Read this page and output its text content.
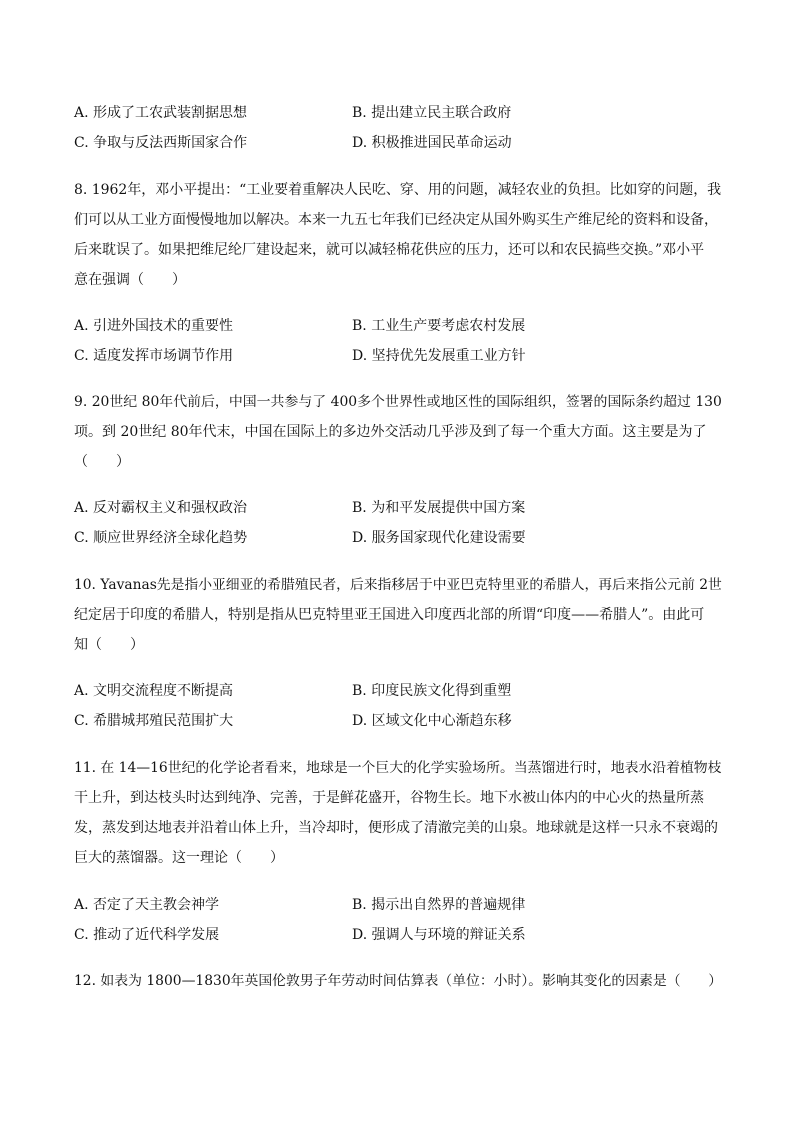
A. 形成了工农武装割据思想	B. 提出建立民主联合政府
C. 争取与反法西斯国家合作	D. 积极推进国民革命运动
8. 1962年，邓小平提出：“工业要着重解决人民吃、穿、用的问题，减轻农业的负担。比如穿的问题，我
们可以从工业方面慢慢地加以解决。本来一九五七年我们已经决定从国外购买生产维尼纶的资料和设备，
后来耽误了。如果把维尼纶厂建设起来，就可以减轻棉花供应的压力，还可以和农民搞些交换。”邓小平
意在强调（　　）
A. 引进外国技术的重要性	B. 工业生产要考虑农村发展
C. 适度发挥市场调节作用	D. 坚持优先发展重工业方针
9. 20世纪 80年代前后，中国一共参与了 400多个世界性或地区性的国际组织，签署的国际条约超过 130
项。到 20世纪 80年代末，中国在国际上的多边外交活动几乎涉及到了每一个重大方面。这主要是为了
（　　）
A. 反对霸权主义和强权政治	B. 为和平发展提供中国方案
C. 顺应世界经济全球化趋势	D. 服务国家现代化建设需要
10. Yavanas先是指小亚细亚的希腊殖民者，后来指移居于中亚巴克特里亚的希腊人，再后来指公元前 2世
纪定居于印度的希腊人，特别是指从巴克特里亚王国进入印度西北部的所谓“印度——希腊人”。由此可
知（　　）
A. 文明交流程度不断提高	B. 印度民族文化得到重塑
C. 希腊城邦殖民范围扩大	D. 区域文化中心渐趋东移
11. 在 14—16世纪的化学论者看来，地球是一个巨大的化学实验场所。当蒸馏进行时，地表水沿着植物枝
干上升，到达枝头时达到纯净、完善，于是鲜花盛开，谷物生长。地下水被山体内的中心火的热量所蒸
发，蒸发到达地表并沿着山体上升，当冷却时，便形成了清澈完美的山泉。地球就是这样一只永不衰竭的
巨大的蒸馏器。这一理论（　　）
A. 否定了天主教会神学	B. 揭示出自然界的普遍规律
C. 推动了近代科学发展	D. 强调人与环境的辩证关系
12. 如表为 1800—1830年英国伦敦男子年劳动时间估算表（单位：小时）。影响其变化的因素是（　　）
